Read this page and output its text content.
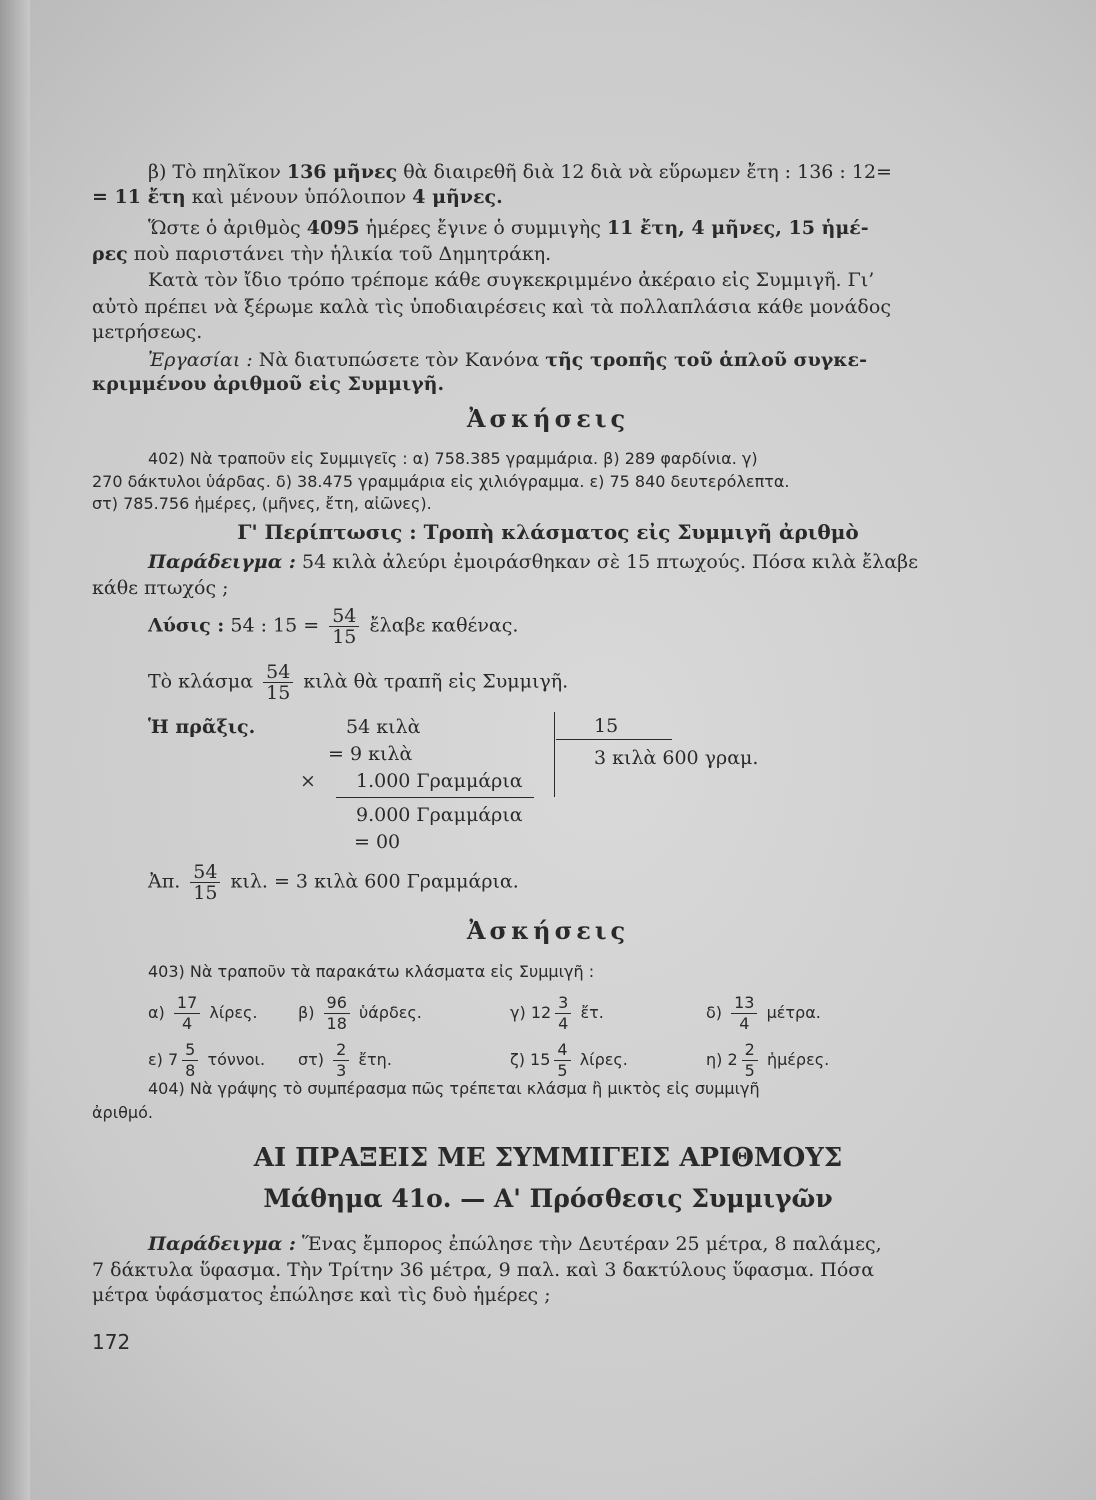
β) Τὸ πηλῖκον 136 μῆνες θὰ διαιρεθῆ διὰ 12 διὰ νὰ εὕρωμεν ἔτη : 136 : 12=
= 11 ἔτη καὶ μένουν ὑπόλοιπον 4 μῆνες.
Ὥστε ὁ ἀριθμὸς 4095 ἡμέρες ἔγινε ὁ συμμιγὴς 11 ἔτη, 4 μῆνες, 15 ἡμέ-
ρες ποὺ παριστάνει τὴν ἡλικία τοῦ Δημητράκη.
Κατὰ τὸν ἴδιο τρόπο τρέπομε κάθε συγκεκριμμένο ἀκέραιο εἰς Συμμιγῆ. Γι’
αὐτὸ πρέπει νὰ ξέρωμε καλὰ τὶς ὑποδιαιρέσεις καὶ τὰ πολλαπλάσια κάθε μονάδος
μετρήσεως.
Ἐργασίαι : Νὰ διατυπώσετε τὸν Κανόνα τῆς τροπῆς τοῦ ἁπλοῦ συγκε-
κριμμένου ἀριθμοῦ εἰς Συμμιγῆ.
Ἀσκήσεις
402) Νὰ τραποῦν εἰς Συμμιγεῖς : α) 758.385 γραμμάρια. β) 289 φαρδίνια. γ)
270 δάκτυλοι ὑάρδας. δ) 38.475 γραμμάρια εἰς χιλιόγραμμα. ε) 75 840 δευτερόλεπτα.
στ) 785.756 ἡμέρες, (μῆνες, ἔτη, αἰῶνες).
Γ' Περίπτωσις : Τροπὴ κλάσματος εἰς Συμμιγῆ ἀριθμὸ
Παράδειγμα : 54 κιλὰ ἀλεύρι ἐμοιράσθηκαν σὲ 15 πτωχούς. Πόσα κιλὰ ἔλαβε
κάθε πτωχός ;
Λύσις : 54 : $15 = \frac{54}{15}$ ἔλαβε καθένας.
Τὸ κλάσμα $\frac{54}{15}$ κιλὰ θὰ τραπῆ εἰς Συμμιγῆ.
Ἡ πρᾶξις.	54 κιλὰ
= 9 κιλὰ
× 1.000 Γραμμάρια
9.000 Γραμμάρια
= 00
15
3 κιλὰ 600 γραμ.
Ἀπ. $\frac{54}{15} \kappa\iota\lambda$. = 3 κιλὰ 600 Γραμμάρια.
Ἀσκήσεις
403) Νὰ τραποῦν τὰ παρακάτω κλάσματα εἰς Συμμιγῆ :
$\alpha) \frac{17}{4} \lambda ί\rho\varepsilon\varsigma$.	$\beta) \frac{96}{18}$ ὑάρδες.	γ) $12 \frac{3}{4}$ ἔτ.	$\delta) \frac{13}{4} \mu έ\tau\rho\alpha$.
ε) $7 \frac{5}{8} \tau ό\nu\nu o\iota$. $\sigma\tau) \frac{2}{3}$ ἔτη.	ζ) $15 \frac{4}{5} \lambda ί\rho\varepsilon\varsigma$.	η) $2 \frac{2}{5}$ ἡμέρες.
404) Νὰ γράψης τὸ συμπέρασμα πῶς τρέπεται κλάσμα ἢ μικτὸς εἰς συμμιγῆ
ἀριθμό.
ΑΙ ΠΡΑΞΕΙΣ ΜΕ ΣΥΜΜΙΓΕΙΣ ΑΡΙΘΜΟΥΣ
Μάθημα 41ο. — Α' Πρόσθεσις Συμμιγῶν
Παράδειγμα : Ἕνας ἔμπορος ἐπώλησε τὴν Δευτέραν 25 μέτρα, 8 παλάμες,
7 δάκτυλα ὕφασμα. Τὴν Τρίτην 36 μέτρα, 9 παλ. καὶ 3 δακτύλους ὕφασμα. Πόσα
μέτρα ὑφάσματος ἐπώλησε καὶ τὶς δυὸ ἡμέρες ;
172
